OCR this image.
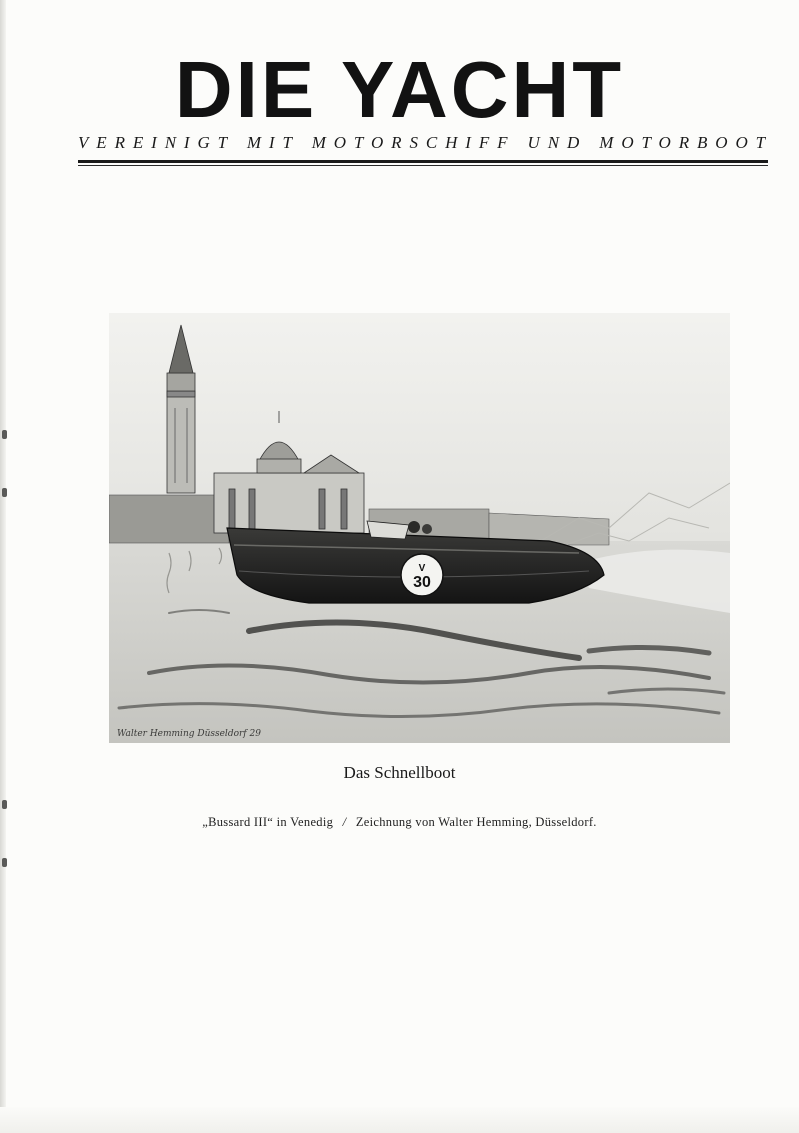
DIE YACHT
VEREINIGT MIT MOTORSCHIFF UND MOTORBOOT
V
30
Walter Hemming Düsseldorf 29
Das Schnellboot
„Bussard III“ in Venedig / Zeichnung von Walter Hemming, Düsseldorf.
